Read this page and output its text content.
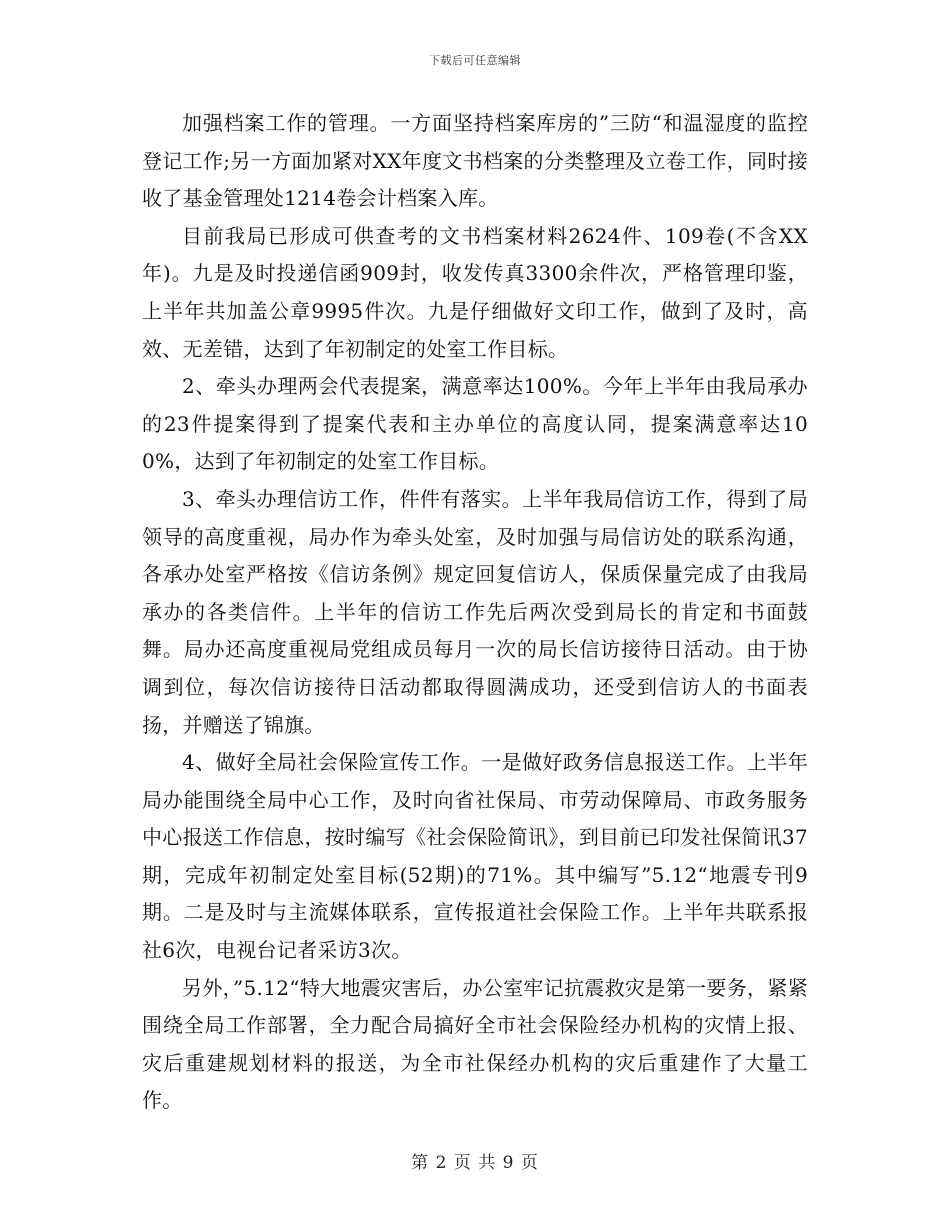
下载后可任意编辑

加强档案工作的管理。一方面坚持档案库房的”三防“和温湿度的监控登记工作;另一方面加紧对XX年度文书档案的分类整理及立卷工作，同时接收了基金管理处1214卷会计档案入库。

目前我局已形成可供查考的文书档案材料2624件、109卷(不含XX年)。九是及时投递信函909封，收发传真3300余件次，严格管理印鉴，上半年共加盖公章9995件次。九是仔细做好文印工作，做到了及时，高效、无差错，达到了年初制定的处室工作目标。

2、牵头办理两会代表提案，满意率达100%。今年上半年由我局承办的23件提案得到了提案代表和主办单位的高度认同，提案满意率达100%，达到了年初制定的处室工作目标。

3、牵头办理信访工作，件件有落实。上半年我局信访工作，得到了局领导的高度重视，局办作为牵头处室，及时加强与局信访处的联系沟通，各承办处室严格按《信访条例》规定回复信访人，保质保量完成了由我局承办的各类信件。上半年的信访工作先后两次受到局长的肯定和书面鼓舞。局办还高度重视局党组成员每月一次的局长信访接待日活动。由于协调到位，每次信访接待日活动都取得圆满成功，还受到信访人的书面表扬，并赠送了锦旗。

4、做好全局社会保险宣传工作。一是做好政务信息报送工作。上半年局办能围绕全局中心工作，及时向省社保局、市劳动保障局、市政务服务中心报送工作信息，按时编写《社会保险简讯》，到目前已印发社保简讯37期，完成年初制定处室目标(52期)的71%。其中编写”5.12“地震专刊9期。二是及时与主流媒体联系，宣传报道社会保险工作。上半年共联系报社6次，电视台记者采访3次。

另外，”5.12“特大地震灾害后，办公室牢记抗震救灾是第一要务，紧紧围绕全局工作部署，全力配合局搞好全市社会保险经办机构的灾情上报、灾后重建规划材料的报送，为全市社保经办机构的灾后重建作了大量工作。

第 2 页 共 9 页
